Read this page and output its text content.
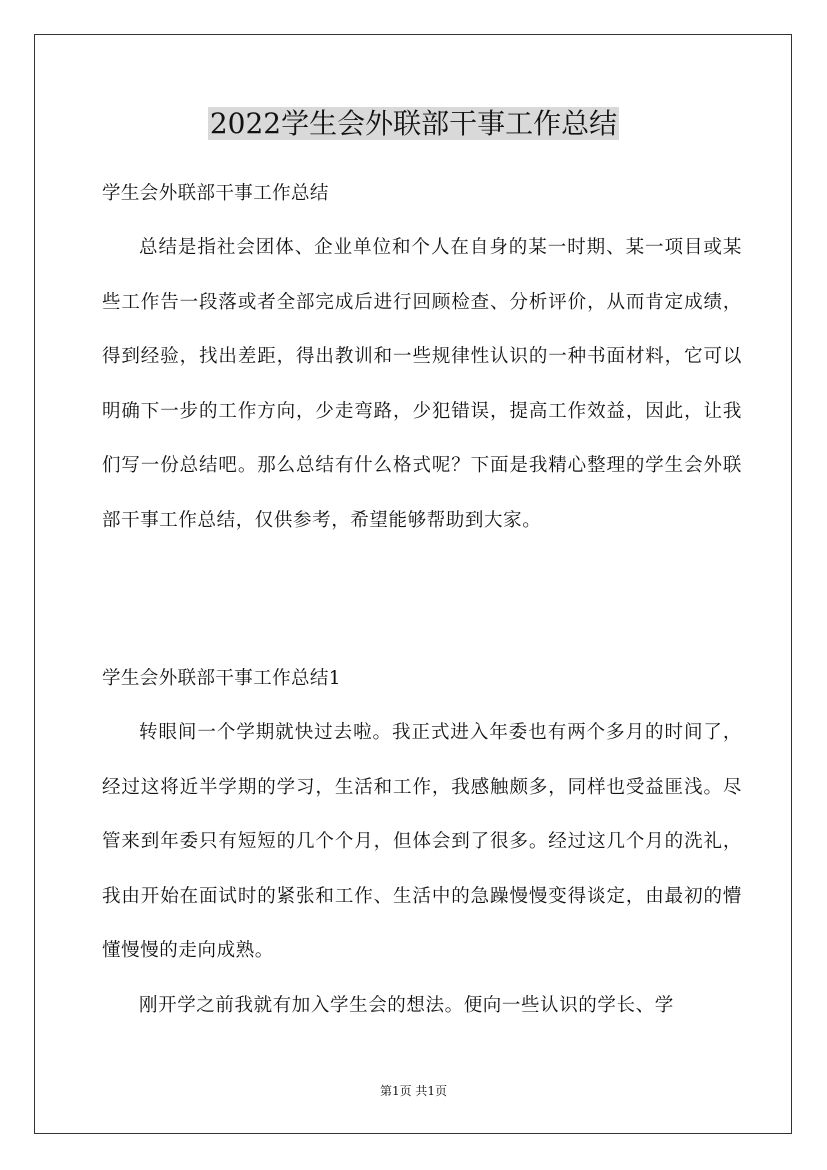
2022学生会外联部干事工作总结
学生会外联部干事工作总结

总结是指社会团体、企业单位和个人在自身的某一时期、某一项目或某些工作告一段落或者全部完成后进行回顾检查、分析评价，从而肯定成绩，得到经验，找出差距，得出教训和一些规律性认识的一种书面材料，它可以明确下一步的工作方向，少走弯路，少犯错误，提高工作效益，因此，让我们写一份总结吧。那么总结有什么格式呢？下面是我精心整理的学生会外联部干事工作总结，仅供参考，希望能够帮助到大家。

学生会外联部干事工作总结1

转眼间一个学期就快过去啦。我正式进入年委也有两个多月的时间了，经过这将近半学期的学习，生活和工作，我感触颇多，同样也受益匪浅。尽管来到年委只有短短的几个个月，但体会到了很多。经过这几个月的洗礼，我由开始在面试时的紧张和工作、生活中的急躁慢慢变得谈定，由最初的懵懂慢慢的走向成熟。

刚开学之前我就有加入学生会的想法。便向一些认识的学长、学

第1页 共1页
